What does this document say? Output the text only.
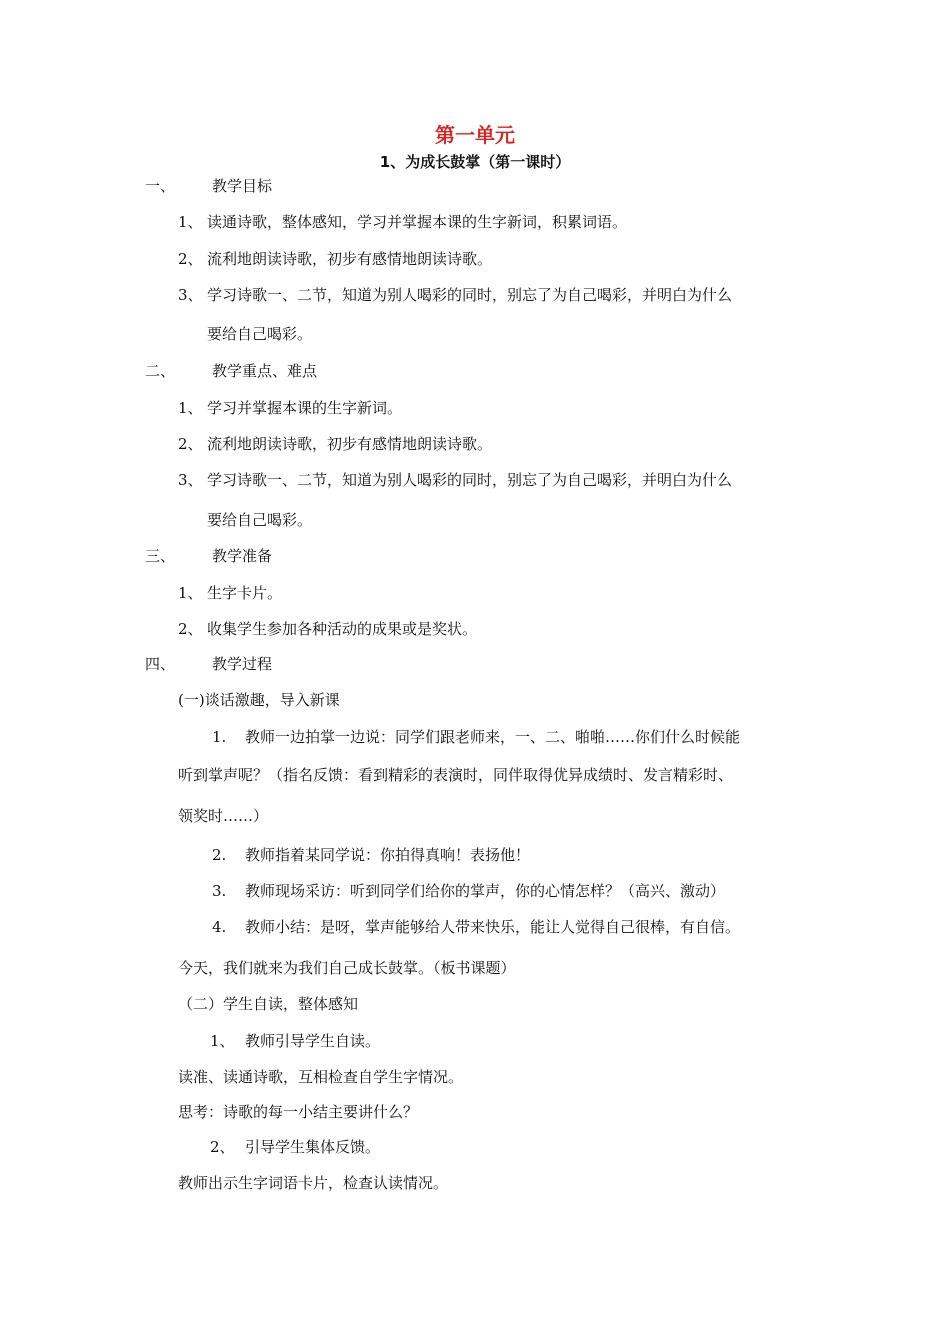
第一单元
1、为成长鼓掌（第一课时）
一、 教学目标
1、 读通诗歌，整体感知，学习并掌握本课的生字新词，积累词语。
2、 流利地朗读诗歌，初步有感情地朗读诗歌。
3、 学习诗歌一、二节，知道为别人喝彩的同时，别忘了为自己喝彩，并明白为什么
要给自己喝彩。
二、 教学重点、难点
1、 学习并掌握本课的生字新词。
2、 流利地朗读诗歌，初步有感情地朗读诗歌。
3、 学习诗歌一、二节，知道为别人喝彩的同时，别忘了为自己喝彩，并明白为什么
要给自己喝彩。
三、 教学准备
1、 生字卡片。
2、 收集学生参加各种活动的成果或是奖状。
四、 教学过程
(一)谈话激趣，导入新课
1. 教师一边拍掌一边说：同学们跟老师来，一、二、啪啪……你们什么时候能
听到掌声呢？（指名反馈：看到精彩的表演时，同伴取得优异成绩时、发言精彩时、
领奖时……）
2. 教师指着某同学说：你拍得真响！表扬他！
3. 教师现场采访：听到同学们给你的掌声，你的心情怎样？（高兴、激动）
4. 教师小结：是呀，掌声能够给人带来快乐，能让人觉得自己很棒，有自信。
今天，我们就来为我们自己成长鼓掌。（板书课题）
（二）学生自读，整体感知
1、 教师引导学生自读。
读准、读通诗歌，互相检查自学生字情况。
思考：诗歌的每一小结主要讲什么？
2、 引导学生集体反馈。
教师出示生字词语卡片，检查认读情况。
